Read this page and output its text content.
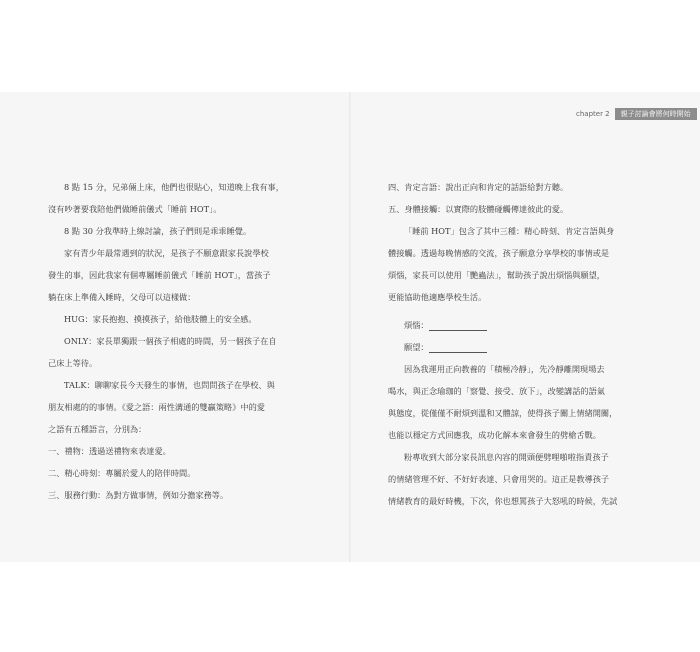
chapter 2	親子討論會將何時開始

8 點 15 分，兄弟倆上床，他們也很貼心，知道晚上我有事，

沒有吵著要我陪他們做睡前儀式「睡前 HOT」。

8 點 30 分我準時上線討論，孩子們則是乖乖睡覺。

家有青少年最常遇到的狀況，是孩子不願意跟家長說學校

發生的事，因此我家有個專屬睡前儀式「睡前 HOT」，當孩子

躺在床上準備入睡時，父母可以這樣做：

HUG：家長抱抱、摸摸孩子，給他肢體上的安全感。

ONLY：家長單獨跟一個孩子相處的時間，另一個孩子在自

己床上等待。

TALK：聊聊家長今天發生的事情，也問問孩子在學校、與

朋友相處的的事情。《愛之語：兩性溝通的雙贏策略》中的愛

之語有五種語言，分別為：

一、禮物：透過送禮物來表達愛。

二、精心時刻：專屬於愛人的陪伴時間。

三、服務行動：為對方做事情，例如分擔家務等。

四、肯定言語：說出正向和肯定的話語給對方聽。

五、身體接觸：以實際的肢體碰觸傳達彼此的愛。

「睡前 HOT」包含了其中三種：精心時刻、肯定言語與身

體接觸。透過每晚情感的交流，孩子願意分享學校的事情或是

煩惱，家長可以使用「艷蟲法」，幫助孩子說出煩惱與願望，

更能協助他適應學校生活。

煩惱：

願望：

因為我運用正向教養的「積極冷靜」，先冷靜離開現場去

喝水，與正念瑜珈的「察覺、接受、放下」，改變講話的語氣

與態度，從僅僅不耐煩到溫和又體諒，使得孩子關上情緒開關，

也能以穩定方式回應我，成功化解本來會發生的劈槍舌戰。

粉專收到大部分家長訊息內容的開頭便劈哩啪啦指責孩子

的情緒管理不好、不好好表達、只會用哭的。這正是教導孩子

情緒教育的最好時機，下次，你也想罵孩子大怒吼的時候，先試
